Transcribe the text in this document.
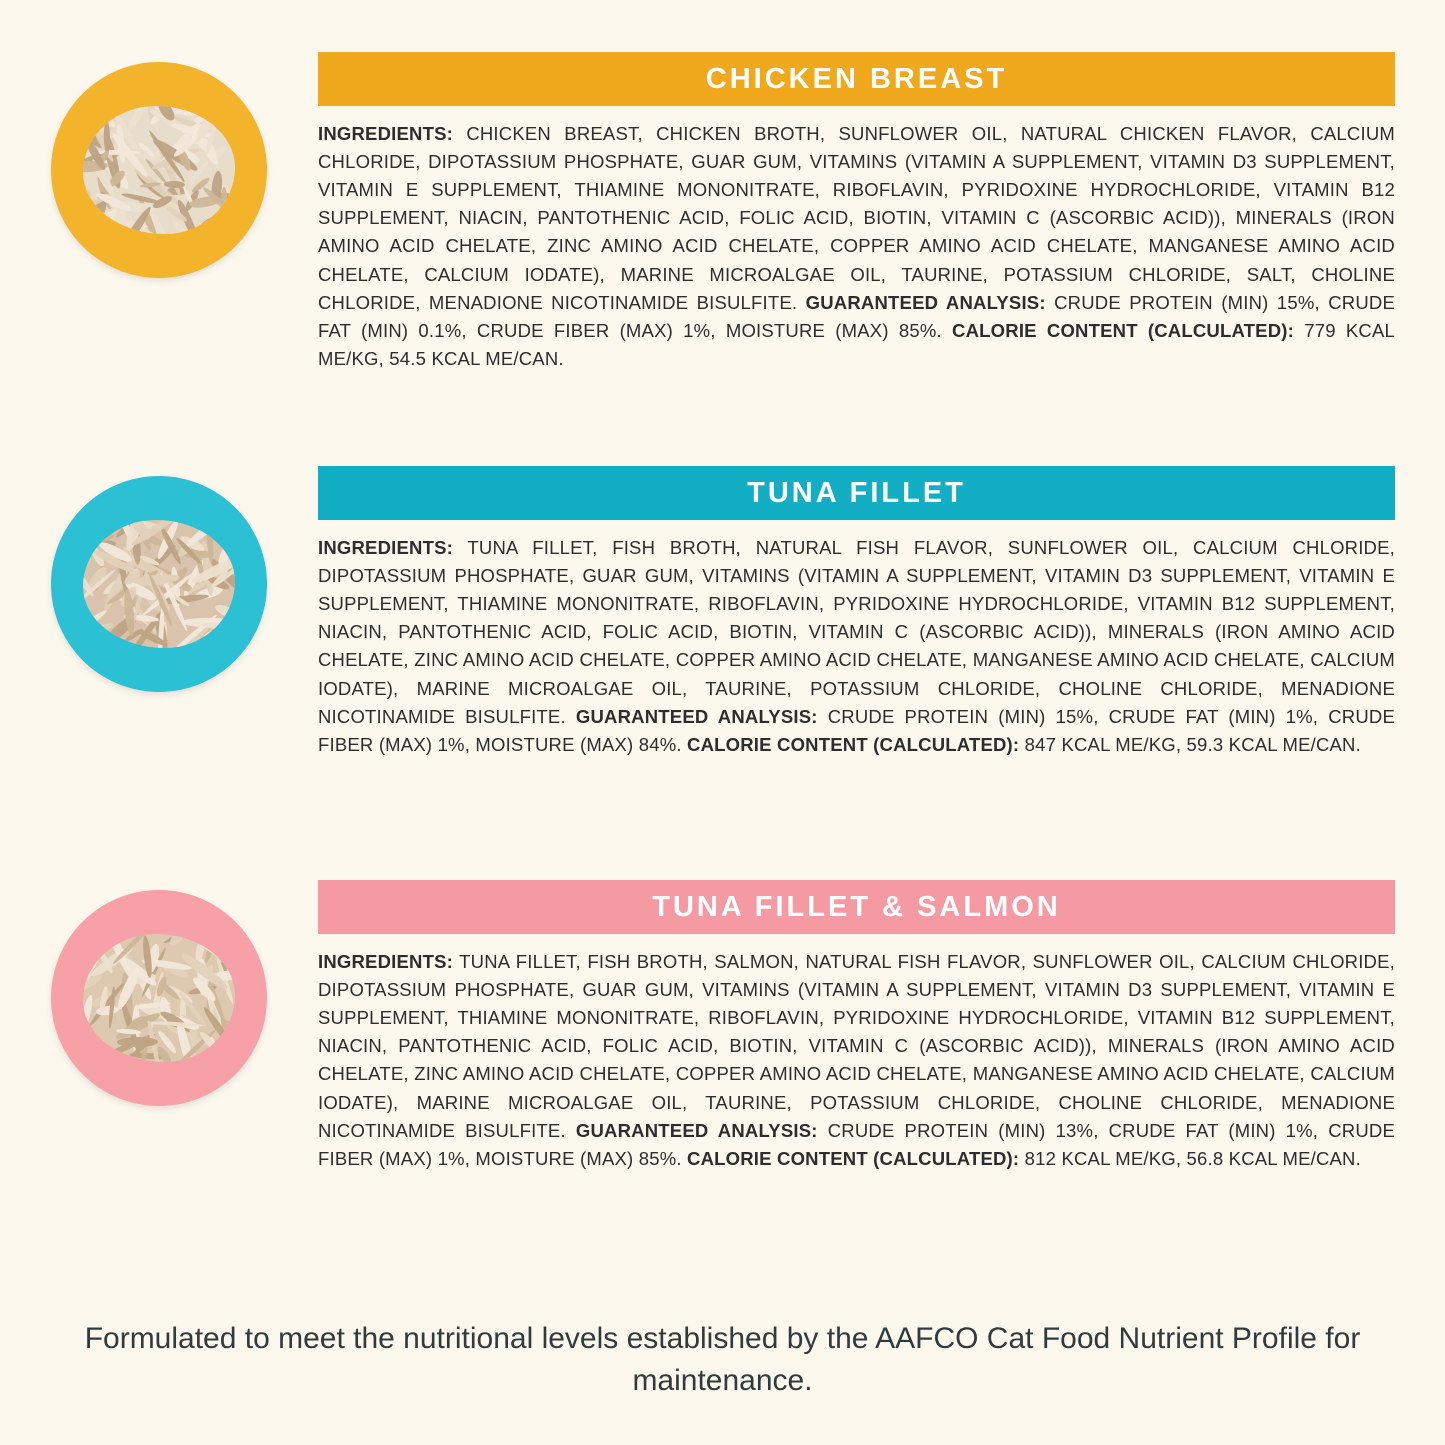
CHICKEN BREAST

INGREDIENTS: CHICKEN BREAST, CHICKEN BROTH, SUNFLOWER OIL, NATURAL CHICKEN FLAVOR, CALCIUM CHLORIDE, DIPOTASSIUM PHOSPHATE, GUAR GUM, VITAMINS (VITAMIN A SUPPLEMENT, VITAMIN D3 SUPPLEMENT, VITAMIN E SUPPLEMENT, THIAMINE MONONITRATE, RIBOFLAVIN, PYRIDOXINE HYDROCHLORIDE, VITAMIN B12 SUPPLEMENT, NIACIN, PANTOTHENIC ACID, FOLIC ACID, BIOTIN, VITAMIN C (ASCORBIC ACID)), MINERALS (IRON AMINO ACID CHELATE, ZINC AMINO ACID CHELATE, COPPER AMINO ACID CHELATE, MANGANESE AMINO ACID CHELATE, CALCIUM IODATE), MARINE MICROALGAE OIL, TAURINE, POTASSIUM CHLORIDE, SALT, CHOLINE CHLORIDE, MENADIONE NICOTINAMIDE BISULFITE. GUARANTEED ANALYSIS: CRUDE PROTEIN (MIN) 15%, CRUDE FAT (MIN) 0.1%, CRUDE FIBER (MAX) 1%, MOISTURE (MAX) 85%. CALORIE CONTENT (CALCULATED): 779 KCAL ME/KG, 54.5 KCAL ME/CAN.

TUNA FILLET

INGREDIENTS: TUNA FILLET, FISH BROTH, NATURAL FISH FLAVOR, SUNFLOWER OIL, CALCIUM CHLORIDE, DIPOTASSIUM PHOSPHATE, GUAR GUM, VITAMINS (VITAMIN A SUPPLEMENT, VITAMIN D3 SUPPLEMENT, VITAMIN E SUPPLEMENT, THIAMINE MONONITRATE, RIBOFLAVIN, PYRIDOXINE HYDROCHLORIDE, VITAMIN B12 SUPPLEMENT, NIACIN, PANTOTHENIC ACID, FOLIC ACID, BIOTIN, VITAMIN C (ASCORBIC ACID)), MINERALS (IRON AMINO ACID CHELATE, ZINC AMINO ACID CHELATE, COPPER AMINO ACID CHELATE, MANGANESE AMINO ACID CHELATE, CALCIUM IODATE), MARINE MICROALGAE OIL, TAURINE, POTASSIUM CHLORIDE, CHOLINE CHLORIDE, MENADIONE NICOTINAMIDE BISULFITE. GUARANTEED ANALYSIS: CRUDE PROTEIN (MIN) 15%, CRUDE FAT (MIN) 1%, CRUDE FIBER (MAX) 1%, MOISTURE (MAX) 84%. CALORIE CONTENT (CALCULATED): 847 KCAL ME/KG, 59.3 KCAL ME/CAN.

TUNA FILLET & SALMON

INGREDIENTS: TUNA FILLET, FISH BROTH, SALMON, NATURAL FISH FLAVOR, SUNFLOWER OIL, CALCIUM CHLORIDE, DIPOTASSIUM PHOSPHATE, GUAR GUM, VITAMINS (VITAMIN A SUPPLEMENT, VITAMIN D3 SUPPLEMENT, VITAMIN E SUPPLEMENT, THIAMINE MONONITRATE, RIBOFLAVIN, PYRIDOXINE HYDROCHLORIDE, VITAMIN B12 SUPPLEMENT, NIACIN, PANTOTHENIC ACID, FOLIC ACID, BIOTIN, VITAMIN C (ASCORBIC ACID)), MINERALS (IRON AMINO ACID CHELATE, ZINC AMINO ACID CHELATE, COPPER AMINO ACID CHELATE, MANGANESE AMINO ACID CHELATE, CALCIUM IODATE), MARINE MICROALGAE OIL, TAURINE, POTASSIUM CHLORIDE, CHOLINE CHLORIDE, MENADIONE NICOTINAMIDE BISULFITE. GUARANTEED ANALYSIS: CRUDE PROTEIN (MIN) 13%, CRUDE FAT (MIN) 1%, CRUDE FIBER (MAX) 1%, MOISTURE (MAX) 85%. CALORIE CONTENT (CALCULATED): 812 KCAL ME/KG, 56.8 KCAL ME/CAN.

Formulated to meet the nutritional levels established by the AAFCO Cat Food Nutrient Profile for maintenance.
